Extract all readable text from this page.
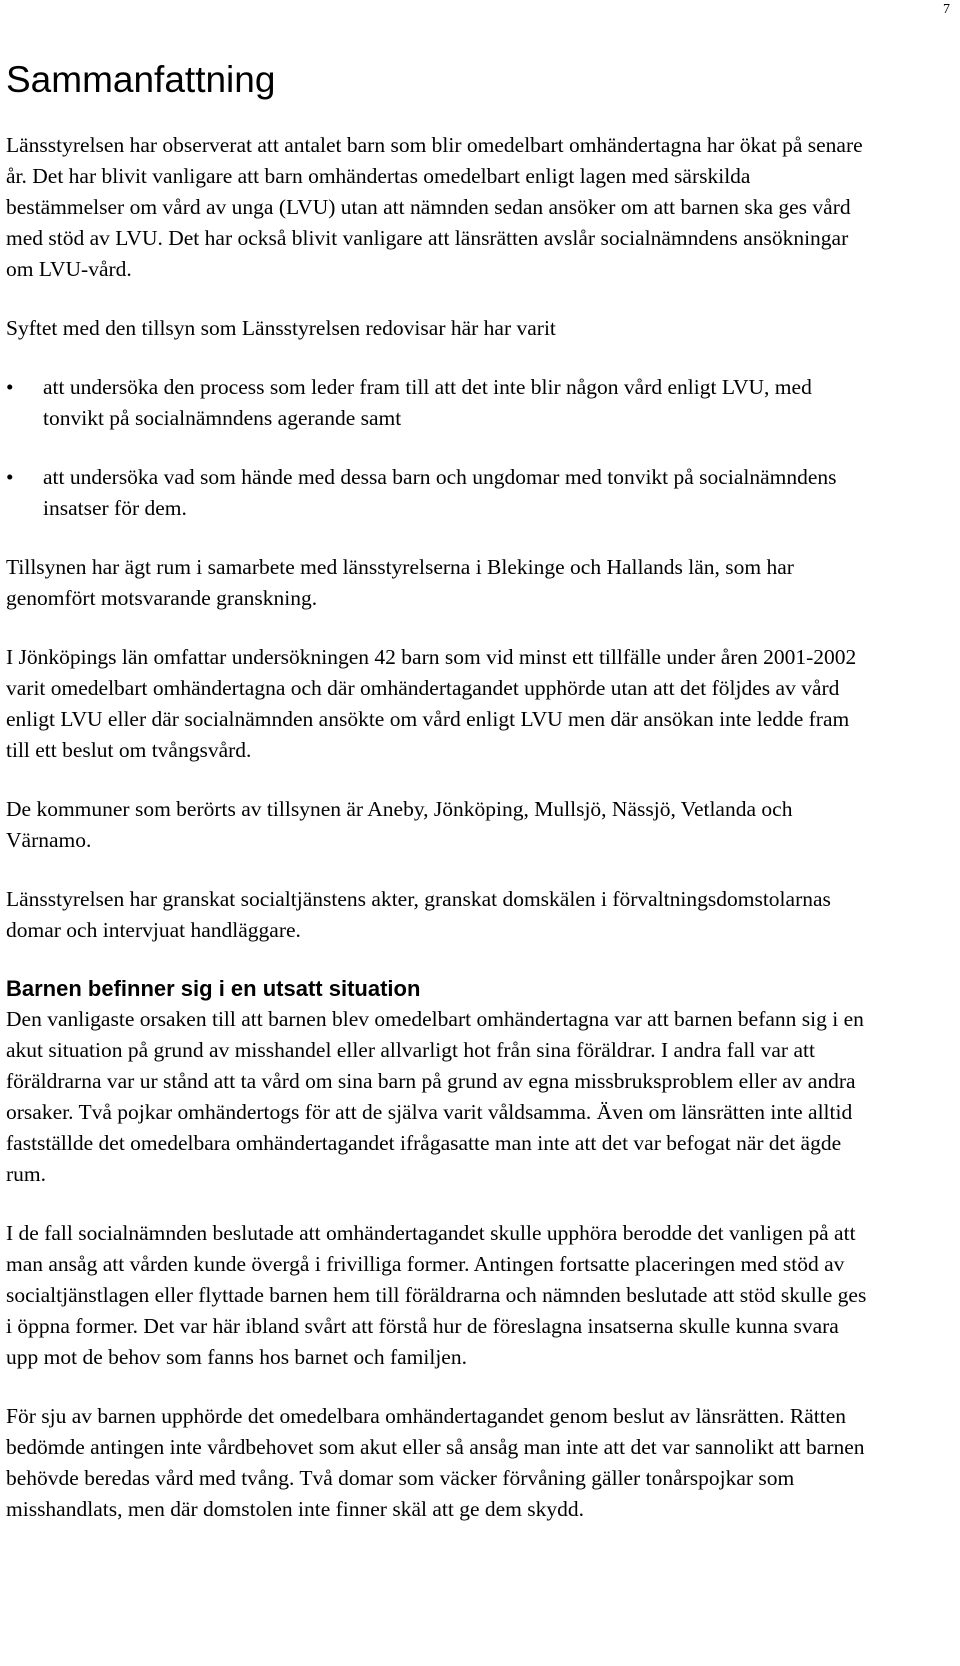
7
Sammanfattning

Länsstyrelsen har observerat att antalet barn som blir omedelbart omhändertagna har ökat på senare år. Det har blivit vanligare att barn omhändertas omedelbart enligt lagen med särskilda bestämmelser om vård av unga (LVU) utan att nämnden sedan ansöker om att barnen ska ges vård med stöd av LVU. Det har också blivit vanligare att länsrätten avslår socialnämndens ansökningar om LVU-vård.

Syftet med den tillsyn som Länsstyrelsen redovisar här har varit

• att undersöka den process som leder fram till att det inte blir någon vård enligt LVU, med tonvikt på socialnämndens agerande samt
• att undersöka vad som hände med dessa barn och ungdomar med tonvikt på socialnämndens insatser för dem.

Tillsynen har ägt rum i samarbete med länsstyrelserna i Blekinge och Hallands län, som har genomfört motsvarande granskning.

I Jönköpings län omfattar undersökningen 42 barn som vid minst ett tillfälle under åren 2001-2002 varit omedelbart omhändertagna och där omhändertagandet upphörde utan att det följdes av vård enligt LVU eller där socialnämnden ansökte om vård enligt LVU men där ansökan inte ledde fram till ett beslut om tvångsvård.

De kommuner som berörts av tillsynen är Aneby, Jönköping, Mullsjö, Nässjö, Vetlanda och Värnamo.

Länsstyrelsen har granskat socialtjänstens akter, granskat domskälen i förvaltningsdomstolarnas domar och intervjuat handläggare.

Barnen befinner sig i en utsatt situation

Den vanligaste orsaken till att barnen blev omedelbart omhändertagna var att barnen befann sig i en akut situation på grund av misshandel eller allvarligt hot från sina föräldrar. I andra fall var att föräldrarna var ur stånd att ta vård om sina barn på grund av egna missbruksproblem eller av andra orsaker. Två pojkar omhändertogs för att de själva varit våldsamma. Även om länsrätten inte alltid fastställde det omedelbara omhändertagandet ifrågasatte man inte att det var befogat när det ägde rum.

I de fall socialnämnden beslutade att omhändertagandet skulle upphöra berodde det vanligen på att man ansåg att vården kunde övergå i frivilliga former. Antingen fortsatte placeringen med stöd av socialtjänstlagen eller flyttade barnen hem till föräldrarna och nämnden beslutade att stöd skulle ges i öppna former. Det var här ibland svårt att förstå hur de föreslagna insatserna skulle kunna svara upp mot de behov som fanns hos barnet och familjen.

För sju av barnen upphörde det omedelbara omhändertagandet genom beslut av länsrätten. Rätten bedömde antingen inte vårdbehovet som akut eller så ansåg man inte att det var sannolikt att barnen behövde beredas vård med tvång. Två domar som väcker förvåning gäller tonårspojkar som misshandlats, men där domstolen inte finner skäl att ge dem skydd.
